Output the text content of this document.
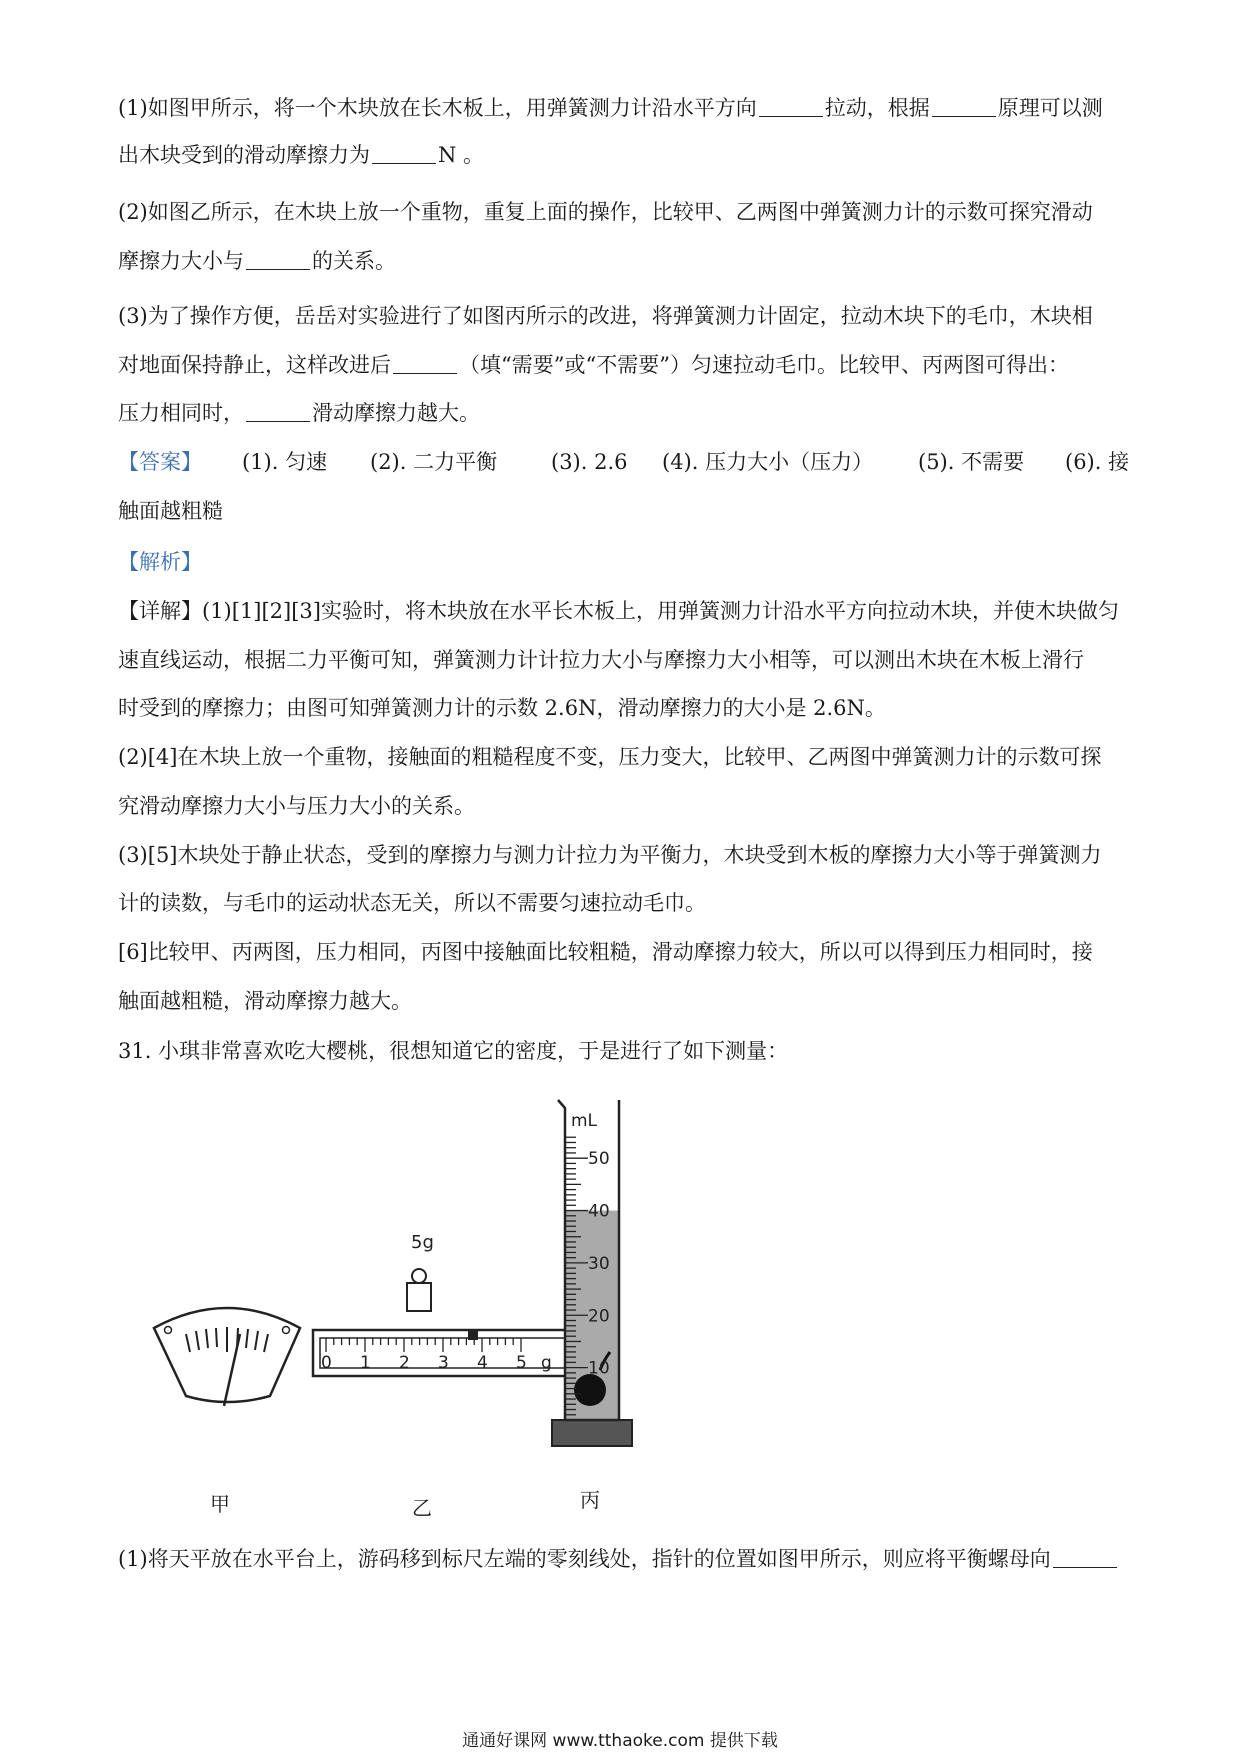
(1)如图甲所示，将一个木块放在长木板上，用弹簧测力计沿水平方向	拉动，根据	原理可以测
出木块受到的滑动摩擦力为	N 。
(2)如图乙所示，在木块上放一个重物，重复上面的操作，比较甲、乙两图中弹簧测力计的示数可探究滑动
摩擦力大小与	的关系。
(3)为了操作方便，岳岳对实验进行了如图丙所示的改进，将弹簧测力计固定，拉动木块下的毛巾，木块相
对地面保持静止，这样改进后	（填“需要”或“不需要”）匀速拉动毛巾。比较甲、丙两图可得出：
压力相同时，	滑动摩擦力越大。
【答案】 (1). 匀速 (2). 二力平衡	(3). 2.6 (4). 压力大小（压力） (5). 不需要 (6). 接
触面越粗糙
【解析】
【详解】(1)[1][2][3]实验时，将木块放在水平长木板上，用弹簧测力计沿水平方向拉动木块，并使木块做匀
速直线运动，根据二力平衡可知，弹簧测力计计拉力大小与摩擦力大小相等，可以测出木块在木板上滑行
时受到的摩擦力；由图可知弹簧测力计的示数 2.6N，滑动摩擦力的大小是 2.6N。
(2)[4]在木块上放一个重物，接触面的粗糙程度不变，压力变大，比较甲、乙两图中弹簧测力计的示数可探
究滑动摩擦力大小与压力大小的关系。
(3)[5]木块处于静止状态，受到的摩擦力与测力计拉力为平衡力，木块受到木板的摩擦力大小等于弹簧测力
计的读数，与毛巾的运动状态无关，所以不需要匀速拉动毛巾。
[6]比较甲、丙两图，压力相同，丙图中接触面比较粗糙，滑动摩擦力较大，所以可以得到压力相同时，接
触面越粗糙，滑动摩擦力越大。
31. 小琪非常喜欢吃大樱桃，很想知道它的密度，于是进行了如下测量：
5g
0 1 2 3 4 5 g
mL
50
40
30
20
10
甲	乙	丙
(1)将天平放在水平台上，游码移到标尺左端的零刻线处，指针的位置如图甲所示，则应将平衡螺母向
通通好课网 www.tthaoke.com 提供下载
